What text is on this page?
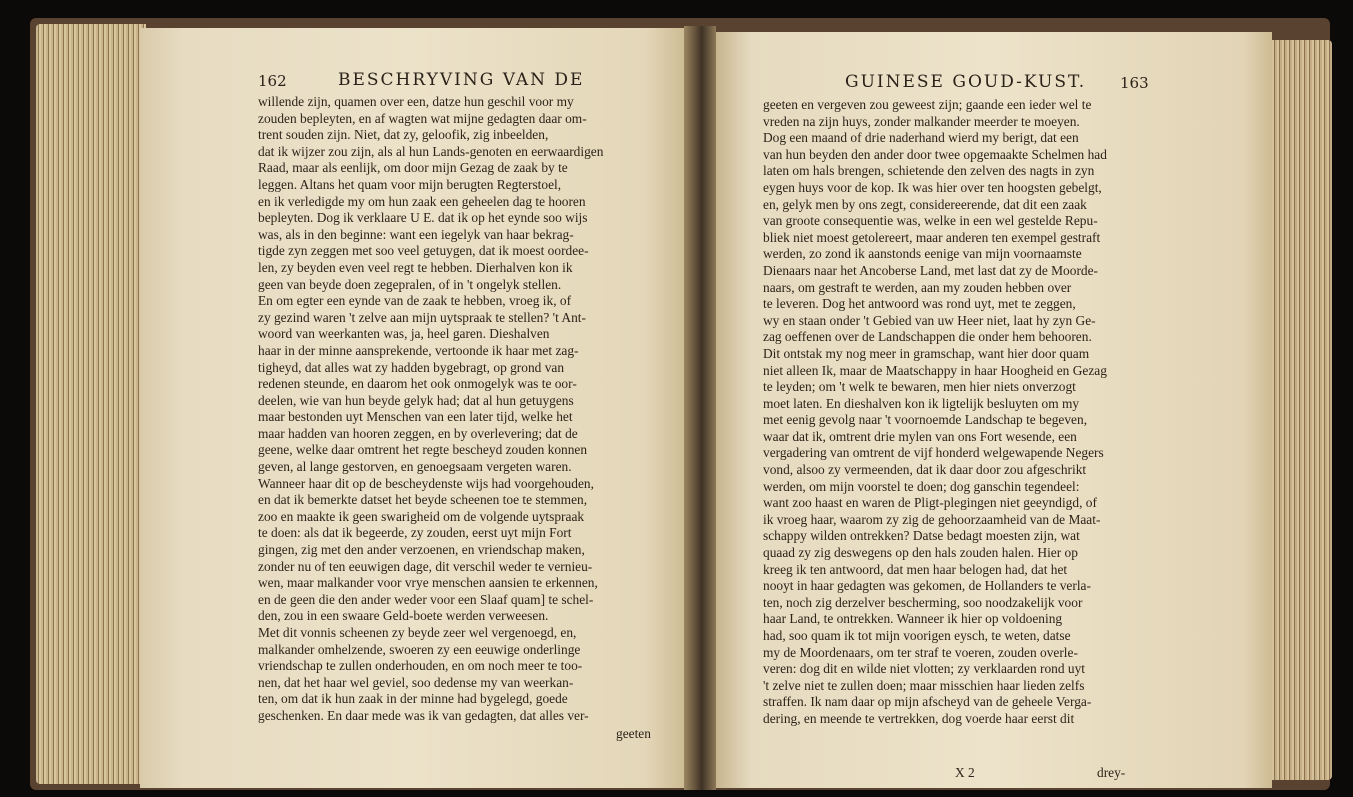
162	BESCHRYVING VAN DE
willende zijn, quamen over een, datze hun geschil voor my
zouden bepleyten, en af wagten wat mijne gedagten daar om-
trent souden zijn. Niet, dat zy, geloofik, zig inbeelden,
dat ik wijzer zou zijn, als al hun Lands-genoten en eerwaardigen
Raad, maar als eenlijk, om door mijn Gezag de zaak by te
leggen. Altans het quam voor mijn berugten Regterstoel,
en ik verledigde my om hun zaak een geheelen dag te hooren
bepleyten. Dog ik verklaare U E. dat ik op het eynde soo wijs
was, als in den beginne: want een iegelyk van haar bekrag-
tigde zyn zeggen met soo veel getuygen, dat ik moest oordee-
len, zy beyden even veel regt te hebben. Dierhalven kon ik
geen van beyde doen zegepralen, of in 't ongelyk stellen.
En om egter een eynde van de zaak te hebben, vroeg ik, of
zy gezind waren 't zelve aan mijn uytspraak te stellen? 't Ant-
woord van weerkanten was, ja, heel garen. Dieshalven
haar in der minne aansprekende, vertoonde ik haar met zag-
tigheyd, dat alles wat zy hadden bygebragt, op grond van
redenen steunde, en daarom het ook onmogelyk was te oor-
deelen, wie van hun beyde gelyk had; dat al hun getuygens
maar bestonden uyt Menschen van een later tijd, welke het
maar hadden van hooren zeggen, en by overlevering; dat de
geene, welke daar omtrent het regte bescheyd zouden konnen
geven, al lange gestorven, en genoegsaam vergeten waren.
Wanneer haar dit op de bescheydenste wijs had voorgehouden,
en dat ik bemerkte datset het beyde scheenen toe te stemmen,
zoo en maakte ik geen swarigheid om de volgende uytspraak
te doen: als dat ik begeerde, zy zouden, eerst uyt mijn Fort
gingen, zig met den ander verzoenen, en vriendschap maken,
zonder nu of ten eeuwigen dage, dit verschil weder te vernieu-
wen, maar malkander voor vrye menschen aansien te erkennen,
en de geen die den ander weder voor een Slaaf quam] te schel-
den, zou in een swaare Geld-boete werden verweesen.
Met dit vonnis scheenen zy beyde zeer wel vergenoegd, en,
malkander omhelzende, swoeren zy een eeuwige onderlinge
vriendschap te zullen onderhouden, en om noch meer te too-
nen, dat het haar wel geviel, soo dedense my van weerkan-
ten, om dat ik hun zaak in der minne had bygelegd, goede
geschenken. En daar mede was ik van gedagten, dat alles ver-
geeten
GUINESE GOUD-KUST. 163
geeten en vergeven zou geweest zijn; gaande een ieder wel te
vreden na zijn huys, zonder malkander meerder te moeyen.
Dog een maand of drie naderhand wierd my berigt, dat een
van hun beyden den ander door twee opgemaakte Schelmen had
laten om hals brengen, schietende den zelven des nagts in zyn
eygen huys voor de kop. Ik was hier over ten hoogsten gebelgt,
en, gelyk men by ons zegt, considereerende, dat dit een zaak
van groote consequentie was, welke in een wel gestelde Repu-
bliek niet moest getolereert, maar anderen ten exempel gestraft
werden, zo zond ik aanstonds eenige van mijn voornaamste
Dienaars naar het Ancoberse Land, met last dat zy de Moorde-
naars, om gestraft te werden, aan my zouden hebben over
te leveren. Dog het antwoord was rond uyt, met te zeggen,
wy en staan onder 't Gebied van uw Heer niet, laat hy zyn Ge-
zag oeffenen over de Landschappen die onder hem behooren.
Dit ontstak my nog meer in gramschap, want hier door quam
niet alleen Ik, maar de Maatschappy in haar Hoogheid en Gezag
te leyden; om 't welk te bewaren, men hier niets onverzogt
moet laten. En dieshalven kon ik ligtelijk besluyten om my
met eenig gevolg naar 't voornoemde Landschap te begeven,
waar dat ik, omtrent drie mylen van ons Fort wesende, een
vergadering van omtrent de vijf honderd welgewapende Negers
vond, alsoo zy vermeenden, dat ik daar door zou afgeschrikt
werden, om mijn voorstel te doen; dog ganschin tegendeel:
want zoo haast en waren de Pligt-plegingen niet geeyndigd, of
ik vroeg haar, waarom zy zig de gehoorzaamheid van de Maat-
schappy wilden ontrekken? Datse bedagt moesten zijn, wat
quaad zy zig deswegens op den hals zouden halen. Hier op
kreeg ik ten antwoord, dat men haar belogen had, dat het
nooyt in haar gedagten was gekomen, de Hollanders te verla-
ten, noch zig derzelver bescherming, soo noodzakelijk voor
haar Land, te ontrekken. Wanneer ik hier op voldoening
had, soo quam ik tot mijn voorigen eysch, te weten, datse
my de Moordenaars, om ter straf te voeren, zouden overle-
veren: dog dit en wilde niet vlotten; zy verklaarden rond uyt
't zelve niet te zullen doen; maar misschien haar lieden zelfs
straffen. Ik nam daar op mijn afscheyd van de geheele Verga-
dering, en meende te vertrekken, dog voerde haar eerst dit
X 2	drey-
